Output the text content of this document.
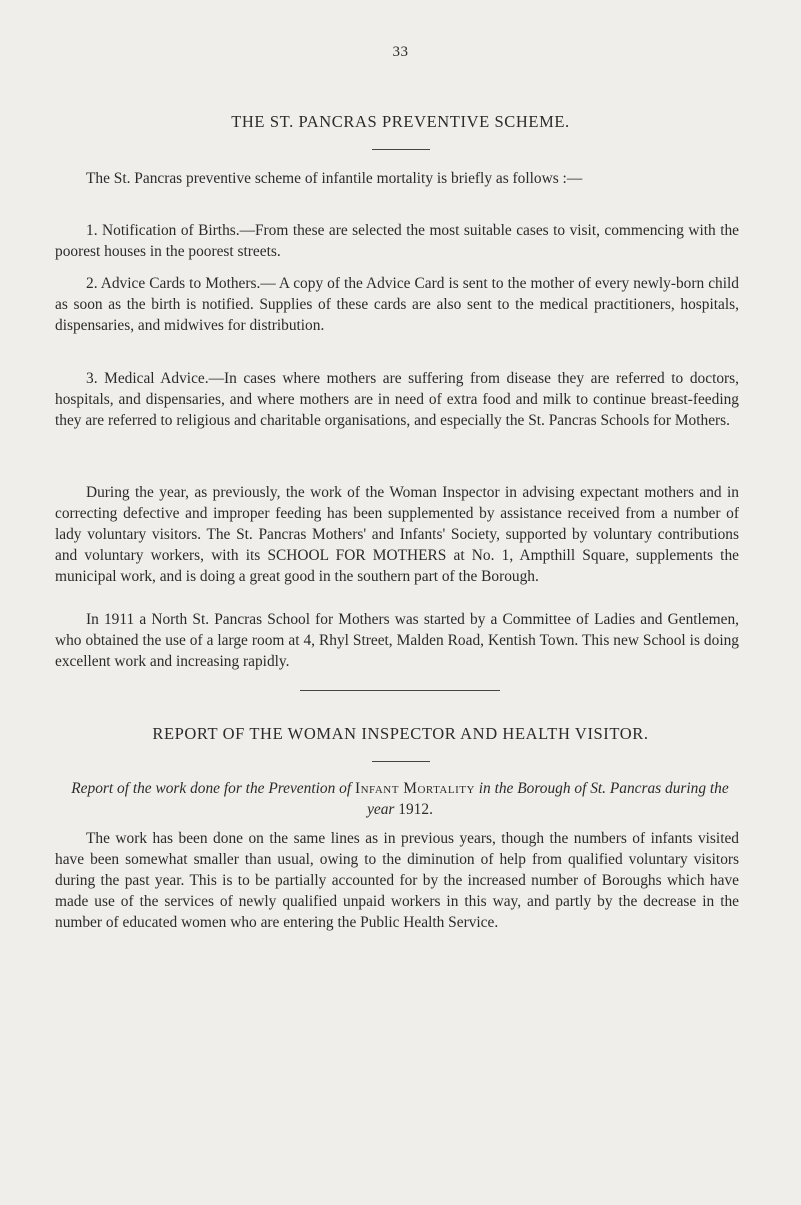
33
THE ST. PANCRAS PREVENTIVE SCHEME.

The St. Pancras preventive scheme of infantile mortality is briefly as follows :—

1. Notification of Births.—From these are selected the most suitable cases to visit, commencing with the poorest houses in the poorest streets.

2. Advice Cards to Mothers.— A copy of the Advice Card is sent to the mother of every newly-born child as soon as the birth is notified. Supplies of these cards are also sent to the medical practitioners, hospitals, dispensaries, and midwives for distribution.

3. Medical Advice.—In cases where mothers are suffering from disease they are referred to doctors, hospitals, and dispensaries, and where mothers are in need of extra food and milk to continue breast-feeding they are referred to religious and charitable organisations, and especially the St. Pancras Schools for Mothers.

During the year, as previously, the work of the Woman Inspector in advising expectant mothers and in correcting defective and improper feeding has been supplemented by assistance received from a number of lady voluntary visitors. The St. Pancras Mothers' and Infants' Society, supported by voluntary contributions and voluntary workers, with its SCHOOL FOR MOTHERS at No. 1, Ampthill Square, supplements the municipal work, and is doing a great good in the southern part of the Borough.

In 1911 a North St. Pancras School for Mothers was started by a Committee of Ladies and Gentlemen, who obtained the use of a large room at 4, Rhyl Street, Malden Road, Kentish Town. This new School is doing excellent work and increasing rapidly.

REPORT OF THE WOMAN INSPECTOR AND HEALTH VISITOR.
Report of the work done for the Prevention of Infant Mortality in the Borough of St. Pancras during the year 1912.

The work has been done on the same lines as in previous years, though the numbers of infants visited have been somewhat smaller than usual, owing to the diminution of help from qualified voluntary visitors during the past year. This is to be partially accounted for by the increased number of Boroughs which have made use of the services of newly qualified unpaid workers in this way, and partly by the decrease in the number of educated women who are entering the Public Health Service.
